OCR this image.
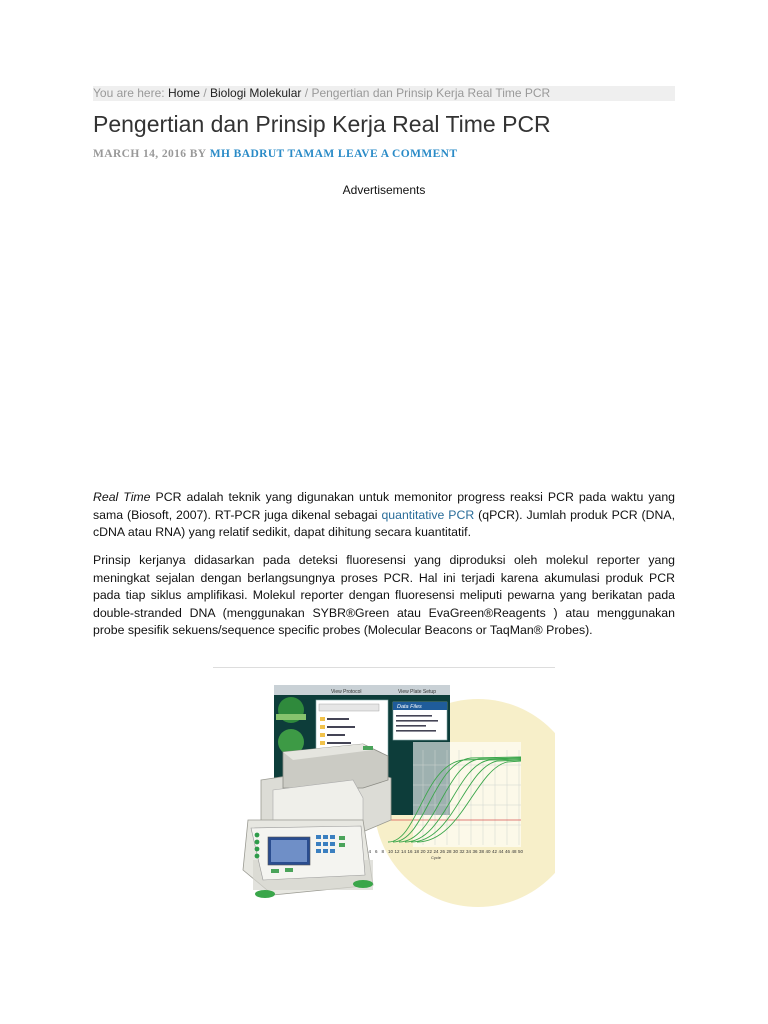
You are here: Home / Biologi Molekular / Pengertian dan Prinsip Kerja Real Time PCR
Pengertian dan Prinsip Kerja Real Time PCR
MARCH 14, 2016 BY MH BADRUT TAMAM LEAVE A COMMENT
Advertisements

Real Time PCR adalah teknik yang digunakan untuk memonitor progress reaksi PCR pada waktu yang sama (Biosoft, 2007). RT-PCR juga dikenal sebagai quantitative PCR (qPCR). Jumlah produk PCR (DNA, cDNA atau RNA) yang relatif sedikit, dapat dihitung secara kuantitatif.

Prinsip kerjanya didasarkan pada deteksi fluoresensi yang diproduksi oleh molekul reporter yang meningkat sejalan dengan berlangsungnya proses PCR. Hal ini terjadi karena akumulasi produk PCR pada tiap siklus amplifikasi. Molekul reporter dengan fluoresensi meliputi pewarna yang berikatan pada double-stranded DNA (menggunakan SYBR®Green atau EvaGreen®Reagents ) atau menggunakan probe spesifik sekuens/sequence specific probes (Molecular Beacons or TaqMan® Probes).

View Protocol	View Plate Setup
Data Files
4 6 8 10 12 14 16 18 20 22 24 26 28 30 32 34 36 38 40 42 44 46 48 50
Cycle
